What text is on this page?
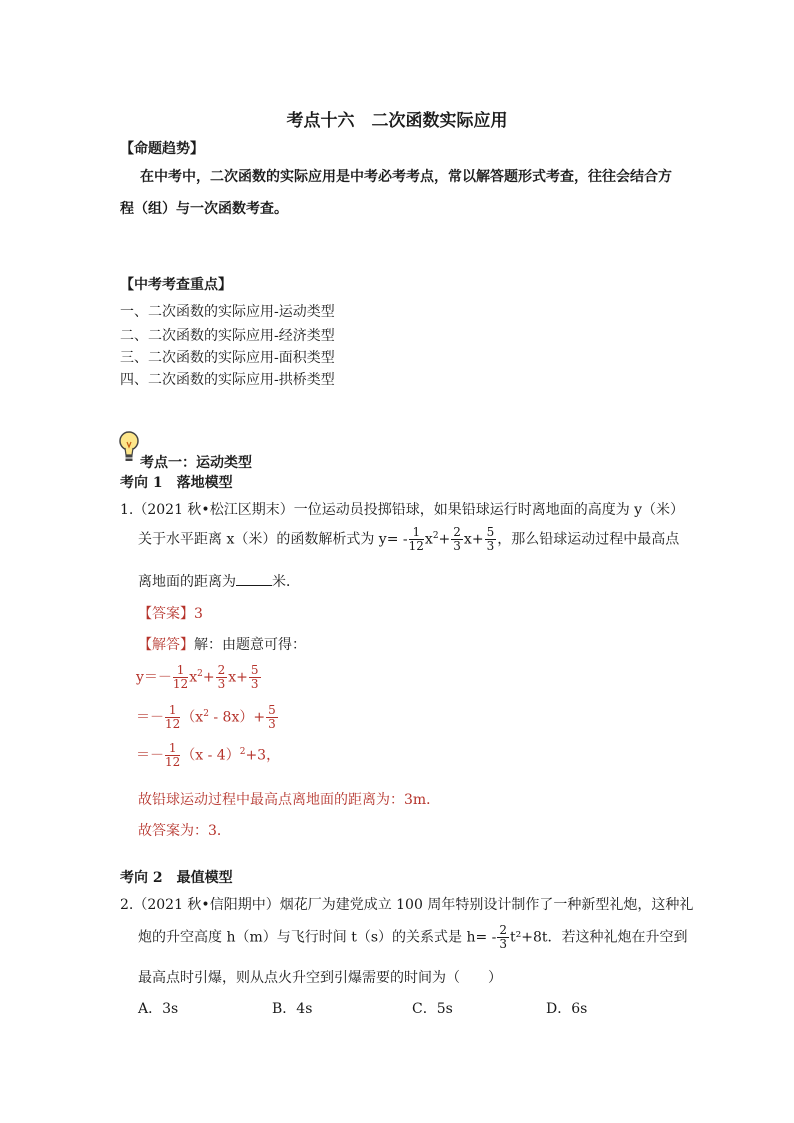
考点十六　二次函数实际应用
【命题趋势】
在中考中，二次函数的实际应用是中考必考考点，常以解答题形式考查，往往会结合方
程（组）与一次函数考查。
【中考考查重点】
一、二次函数的实际应用-运动类型
二、二次函数的实际应用-经济类型
三、二次函数的实际应用-面积类型
四、二次函数的实际应用-拱桥类型
考点一：运动类型
考向 1　落地模型
1.（2021 秋•松江区期末）一位运动员投掷铅球，如果铅球运行时离地面的高度为 y（米）
关于水平距离 x（米）的函数解析式为 $y= - \frac{1}{12} x^2+ \frac{2}{3} x+ \frac{5}{3}$ ，那么铅球运动过程中最高点
离地面的距离为	米．
【答案】3
【解答】解：由题意可得：
$y=- \frac{1}{12} x^2+ \frac{2}{3} x+ \frac{5}{3}$
＝－ $\frac{1}{12} (x^2 - 8x)+ \frac{5}{3}$
＝－ $\frac{1}{12} (x - 4)^2+3$，
故铅球运动过程中最高点离地面的距离为：3m．
故答案为：3．
考向 2　最值模型
2.（2021 秋•信阳期中）烟花厂为建党成立 100 周年特别设计制作了一种新型礼炮，这种礼
炮的升空高度 h（m）与飞行时间 t（s）的关系式是 $h= - \frac{2}{3} t^2+8t$．若这种礼炮在升空到
最高点时引爆，则从点火升空到引爆需要的时间为（　　）
A．3s	B．4s	C．5s	D．6s
